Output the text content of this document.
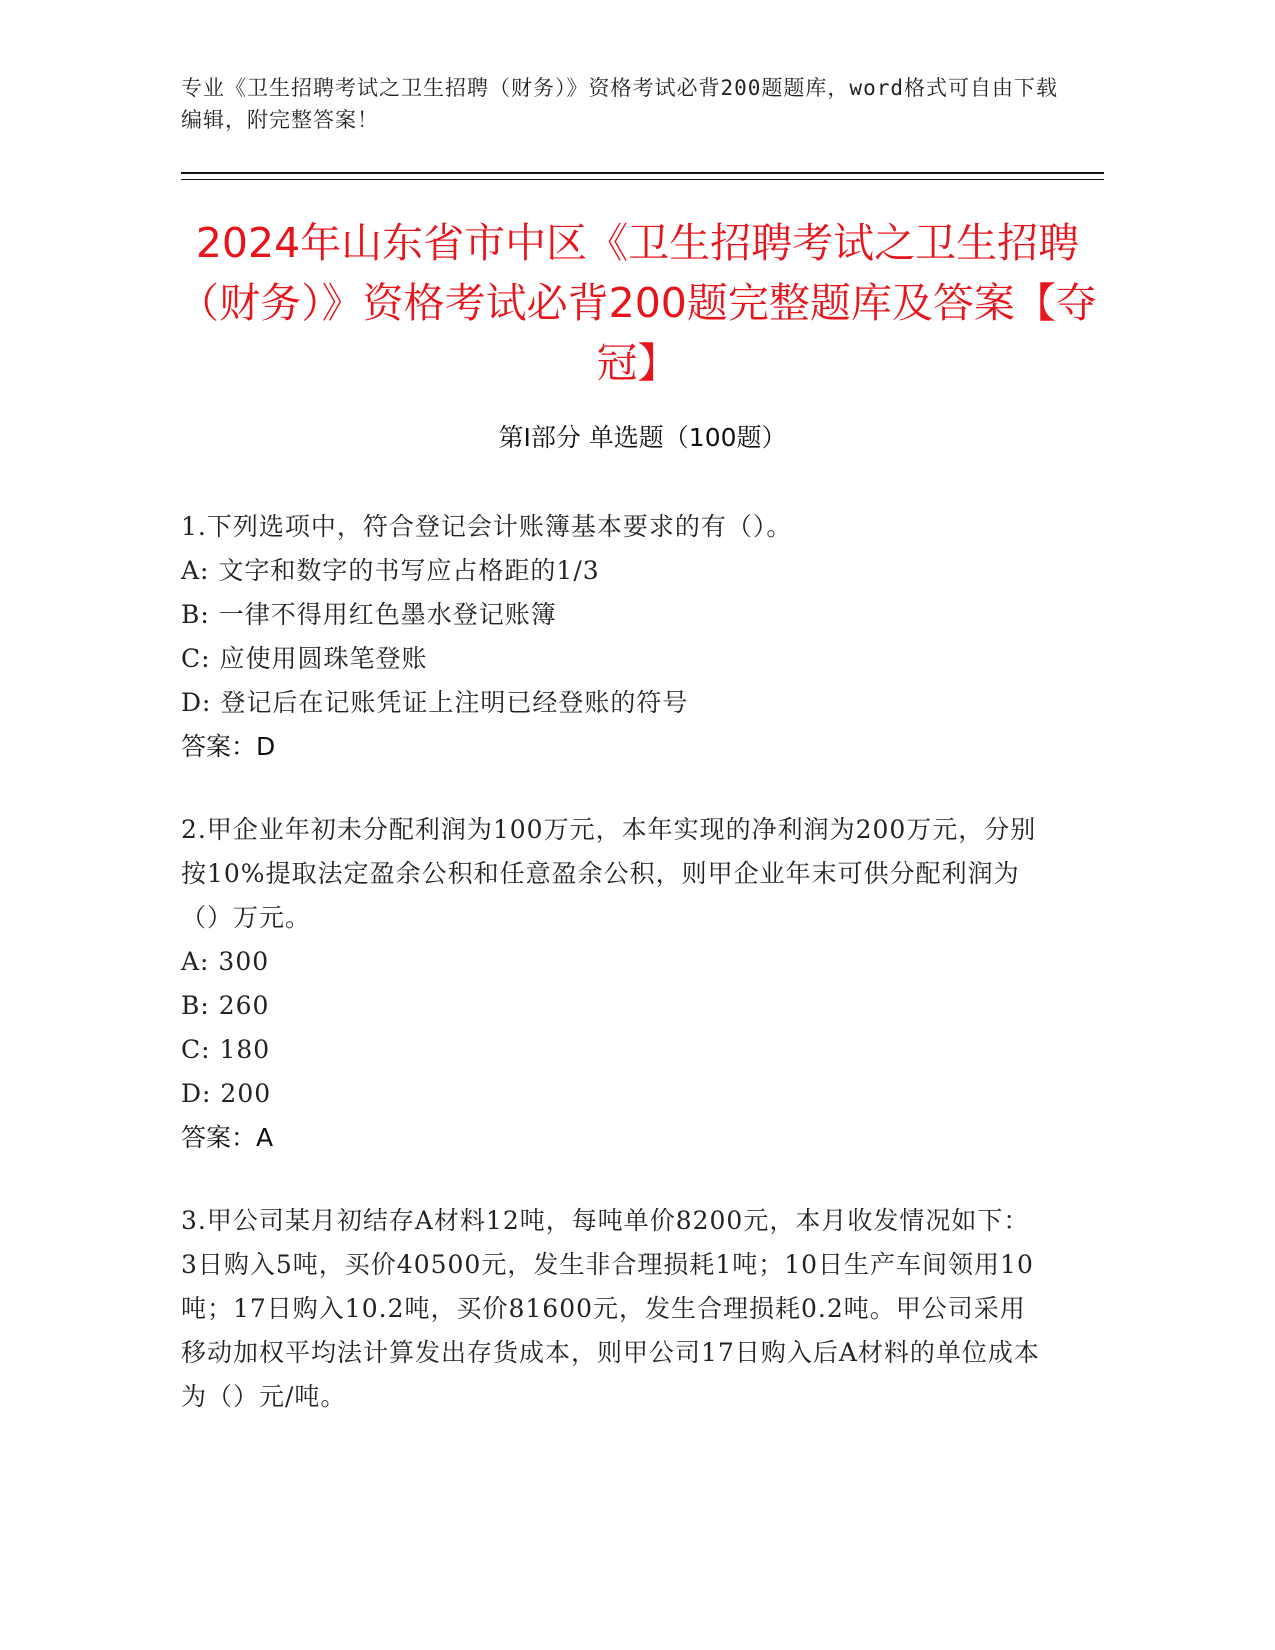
专业《卫生招聘考试之卫生招聘（财务）》资格考试必背200题题库，word格式可自由下载编辑，附完整答案！
2024年山东省市中区《卫生招聘考试之卫生招聘（财务）》资格考试必背200题完整题库及答案【夺冠】
第I部分 单选题（100题）

1.下列选项中，符合登记会计账簿基本要求的有（）。

A: 文字和数字的书写应占格距的1/3

B: 一律不得用红色墨水登记账簿

C: 应使用圆珠笔登账

D: 登记后在记账凭证上注明已经登账的符号

答案：D

2.甲企业年初未分配利润为100万元，本年实现的净利润为200万元，分别按10%提取法定盈余公积和任意盈余公积，则甲企业年末可供分配利润为（）万元。

A: 300

B: 260

C: 180

D: 200

答案：A

3.甲公司某月初结存A材料12吨，每吨单价8200元，本月收发情况如下：3日购入5吨，买价40500元，发生非合理损耗1吨；10日生产车间领用10吨；17日购入10.2吨，买价81600元，发生合理损耗0.2吨。甲公司采用移动加权平均法计算发出存货成本，则甲公司17日购入后A材料的单位成本为（）元/吨。
